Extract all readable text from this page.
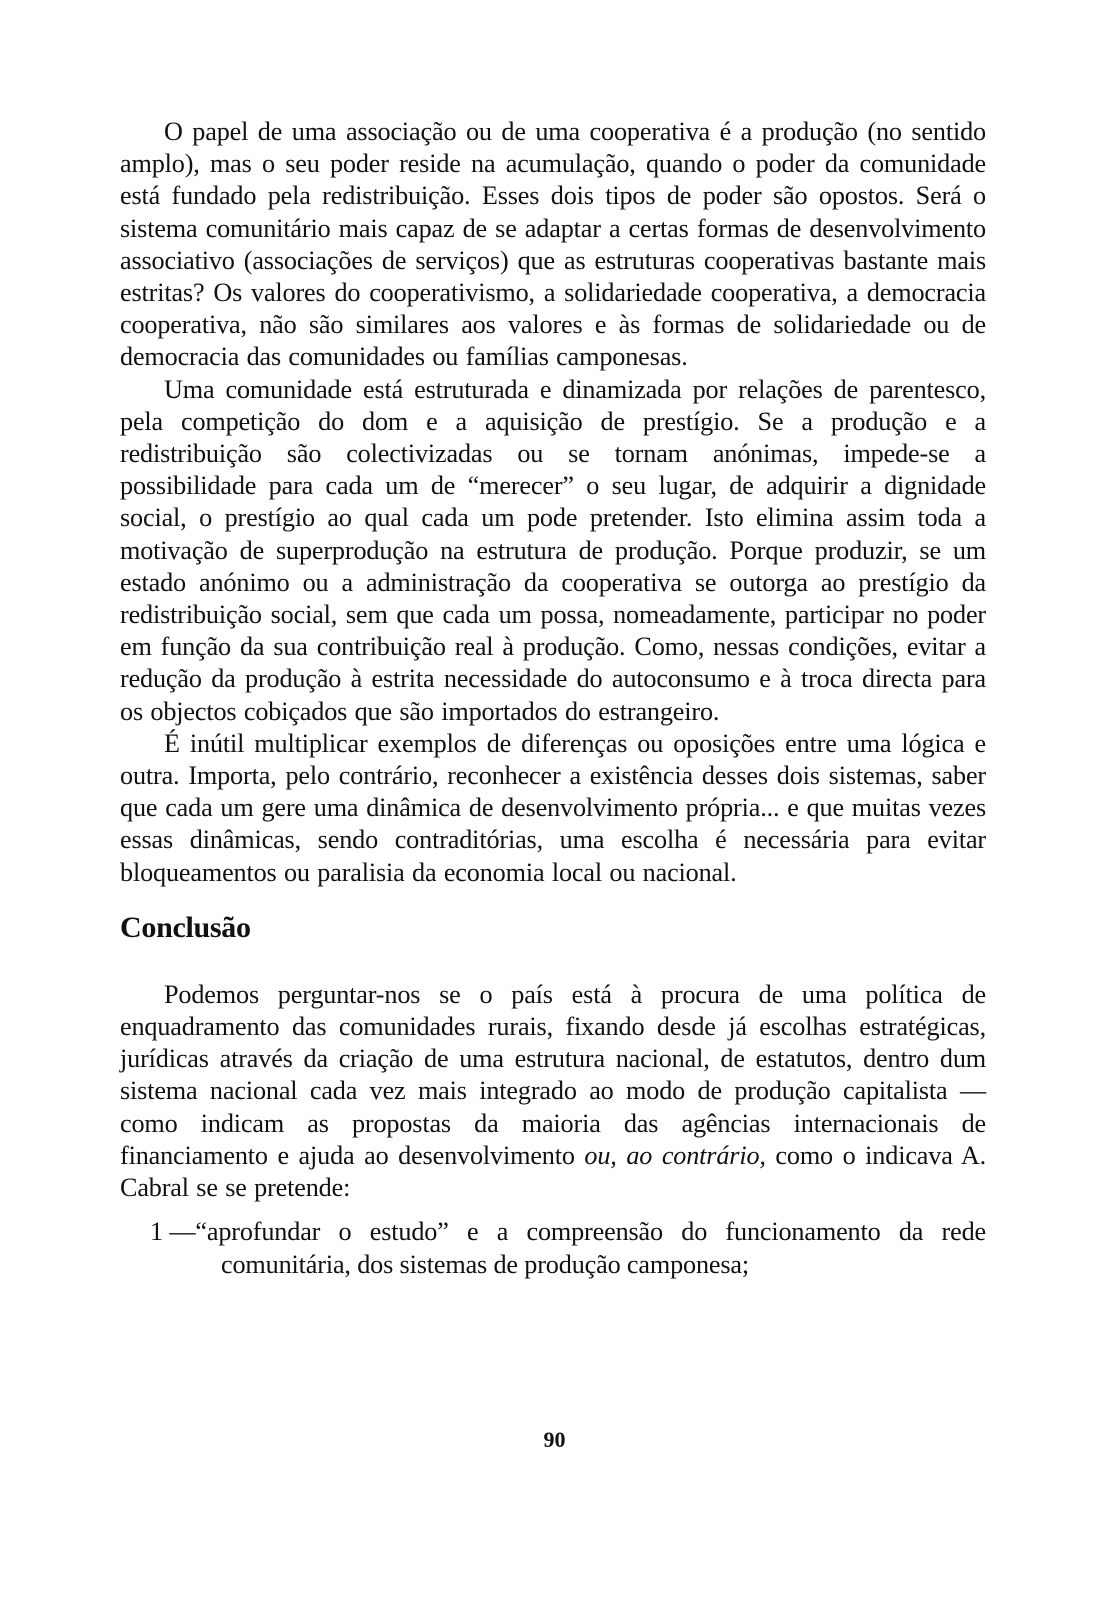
O papel de uma associação ou de uma cooperativa é a produção (no sentido amplo), mas o seu poder reside na acumulação, quando o poder da comunidade está fundado pela redistribuição. Esses dois tipos de poder são opostos. Será o sistema comunitário mais capaz de se adaptar a certas formas de desenvolvimento associativo (associações de serviços) que as estruturas cooperativas bastante mais estritas? Os valores do cooperativismo, a solidariedade cooperativa, a democracia cooperativa, não são similares aos valores e às formas de solidariedade ou de democracia das comunidades ou famílias camponesas.

Uma comunidade está estruturada e dinamizada por relações de parentesco, pela competição do dom e a aquisição de prestígio. Se a produção e a redistribuição são colectivizadas ou se tornam anónimas, impede-se a possibilidade para cada um de “merecer” o seu lugar, de adquirir a dignidade social, o prestígio ao qual cada um pode pretender. Isto elimina assim toda a motivação de superprodução na estrutura de produção. Porque produzir, se um estado anónimo ou a administração da cooperativa se outorga ao prestígio da redistribuição social, sem que cada um possa, nomeadamente, participar no poder em função da sua contribuição real à produção. Como, nessas condições, evitar a redução da produção à estrita necessidade do autoconsumo e à troca directa para os objectos cobiçados que são importados do estrangeiro.

É inútil multiplicar exemplos de diferenças ou oposições entre uma lógica e outra. Importa, pelo contrário, reconhecer a existência desses dois sistemas, saber que cada um gere uma dinâmica de desenvolvimento própria... e que muitas vezes essas dinâmicas, sendo contraditórias, uma escolha é necessária para evitar bloqueamentos ou paralisia da economia local ou nacional.

Conclusão

Podemos perguntar-nos se o país está à procura de uma política de enquadramento das comunidades rurais, fixando desde já escolhas estratégicas, jurídicas através da criação de uma estrutura nacional, de estatutos, dentro dum sistema nacional cada vez mais integrado ao modo de produção capitalista — como indicam as propostas da maioria das agências internacionais de financiamento e ajuda ao desenvolvimento ou, ao contrário, como o indicava A. Cabral se se pretende:

1 —“aprofundar o estudo” e a compreensão do funcionamento da rede comunitária, dos sistemas de produção camponesa;

90
